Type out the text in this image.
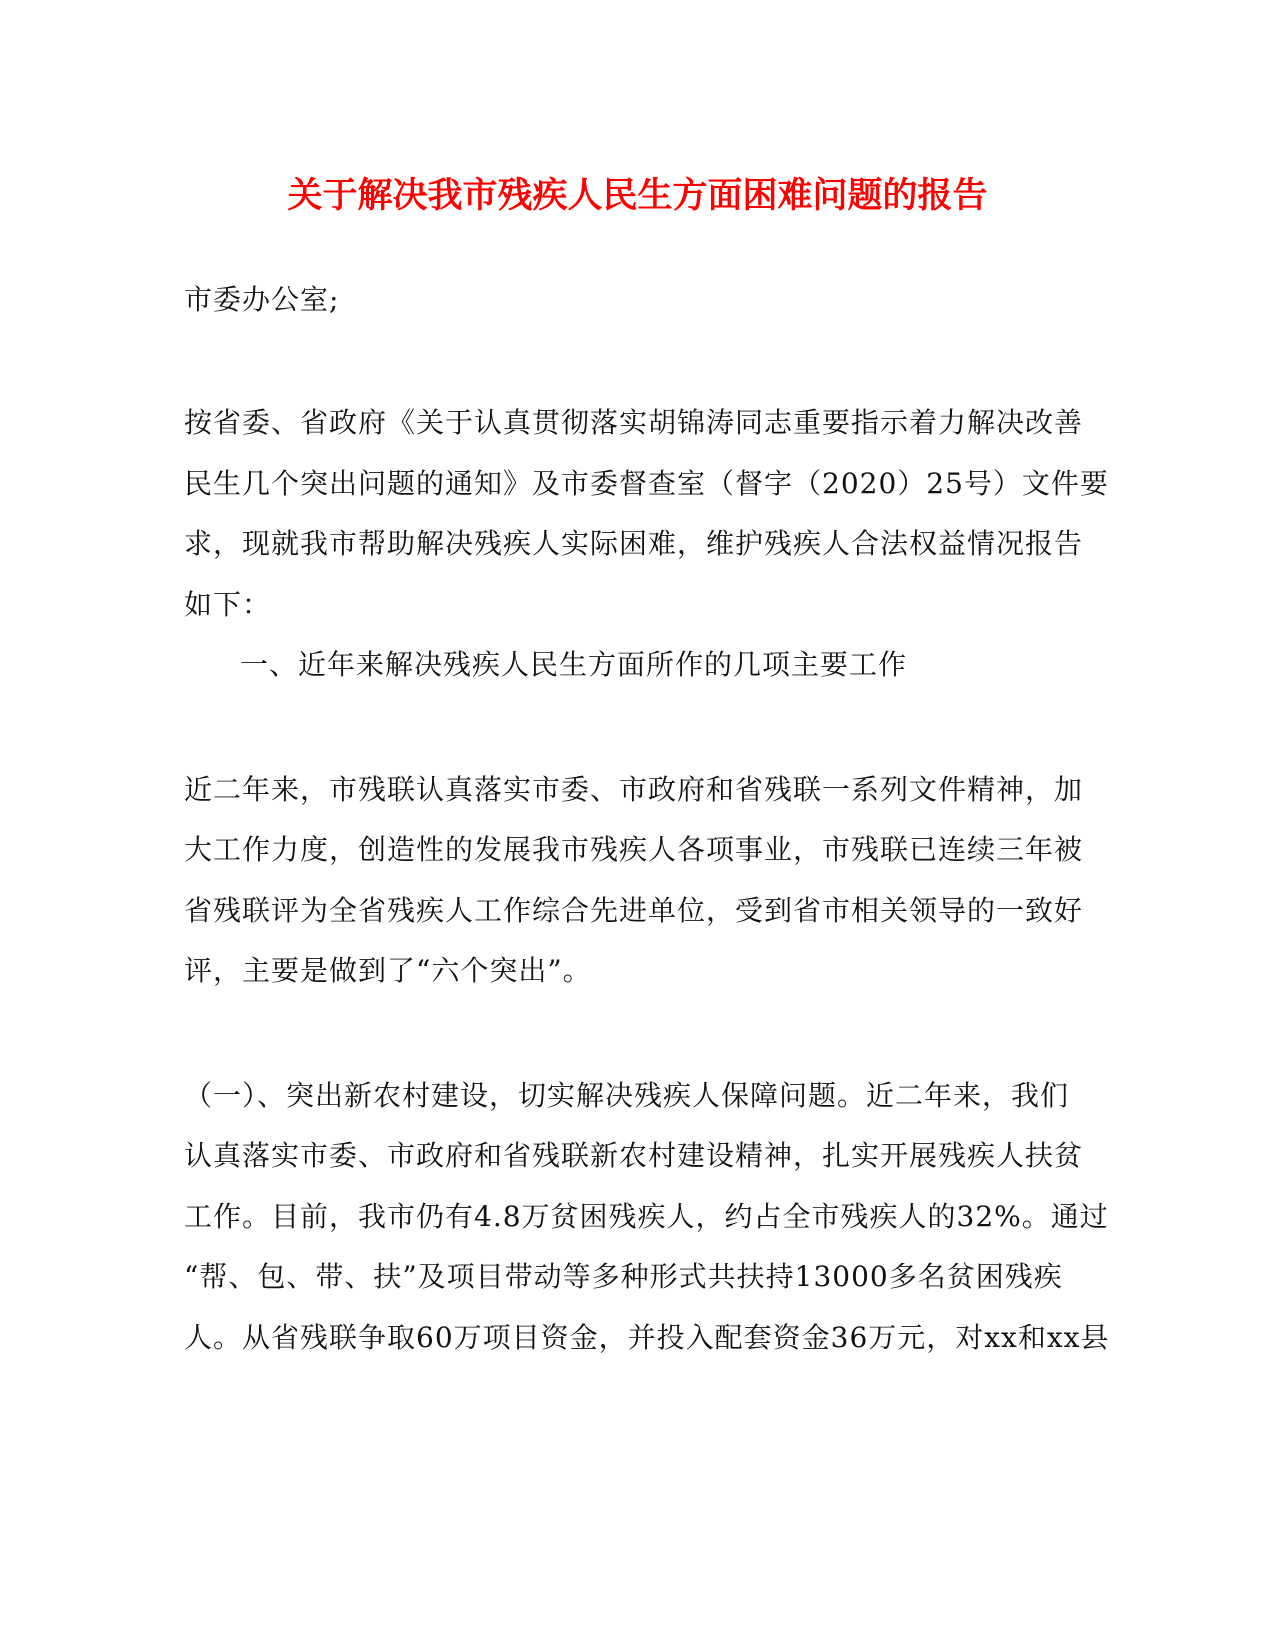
关于解决我市残疾人民生方面困难问题的报告
市委办公室;
按省委、省政府《关于认真贯彻落实胡锦涛同志重要指示着力解决改善
民生几个突出问题的通知》及市委督查室（督字（2020）25号）文件要
求，现就我市帮助解决残疾人实际困难，维护残疾人合法权益情况报告
如下：
一、近年来解决残疾人民生方面所作的几项主要工作
近二年来，市残联认真落实市委、市政府和省残联一系列文件精神，加
大工作力度，创造性的发展我市残疾人各项事业，市残联已连续三年被
省残联评为全省残疾人工作综合先进单位，受到省市相关领导的一致好
评，主要是做到了“六个突出”。
（一）、突出新农村建设，切实解决残疾人保障问题。近二年来，我们
认真落实市委、市政府和省残联新农村建设精神，扎实开展残疾人扶贫
工作。目前，我市仍有4.8万贫困残疾人，约占全市残疾人的32%。通过
“帮、包、带、扶”及项目带动等多种形式共扶持13000多名贫困残疾
人。从省残联争取60万项目资金，并投入配套资金36万元，对xx和xx县
